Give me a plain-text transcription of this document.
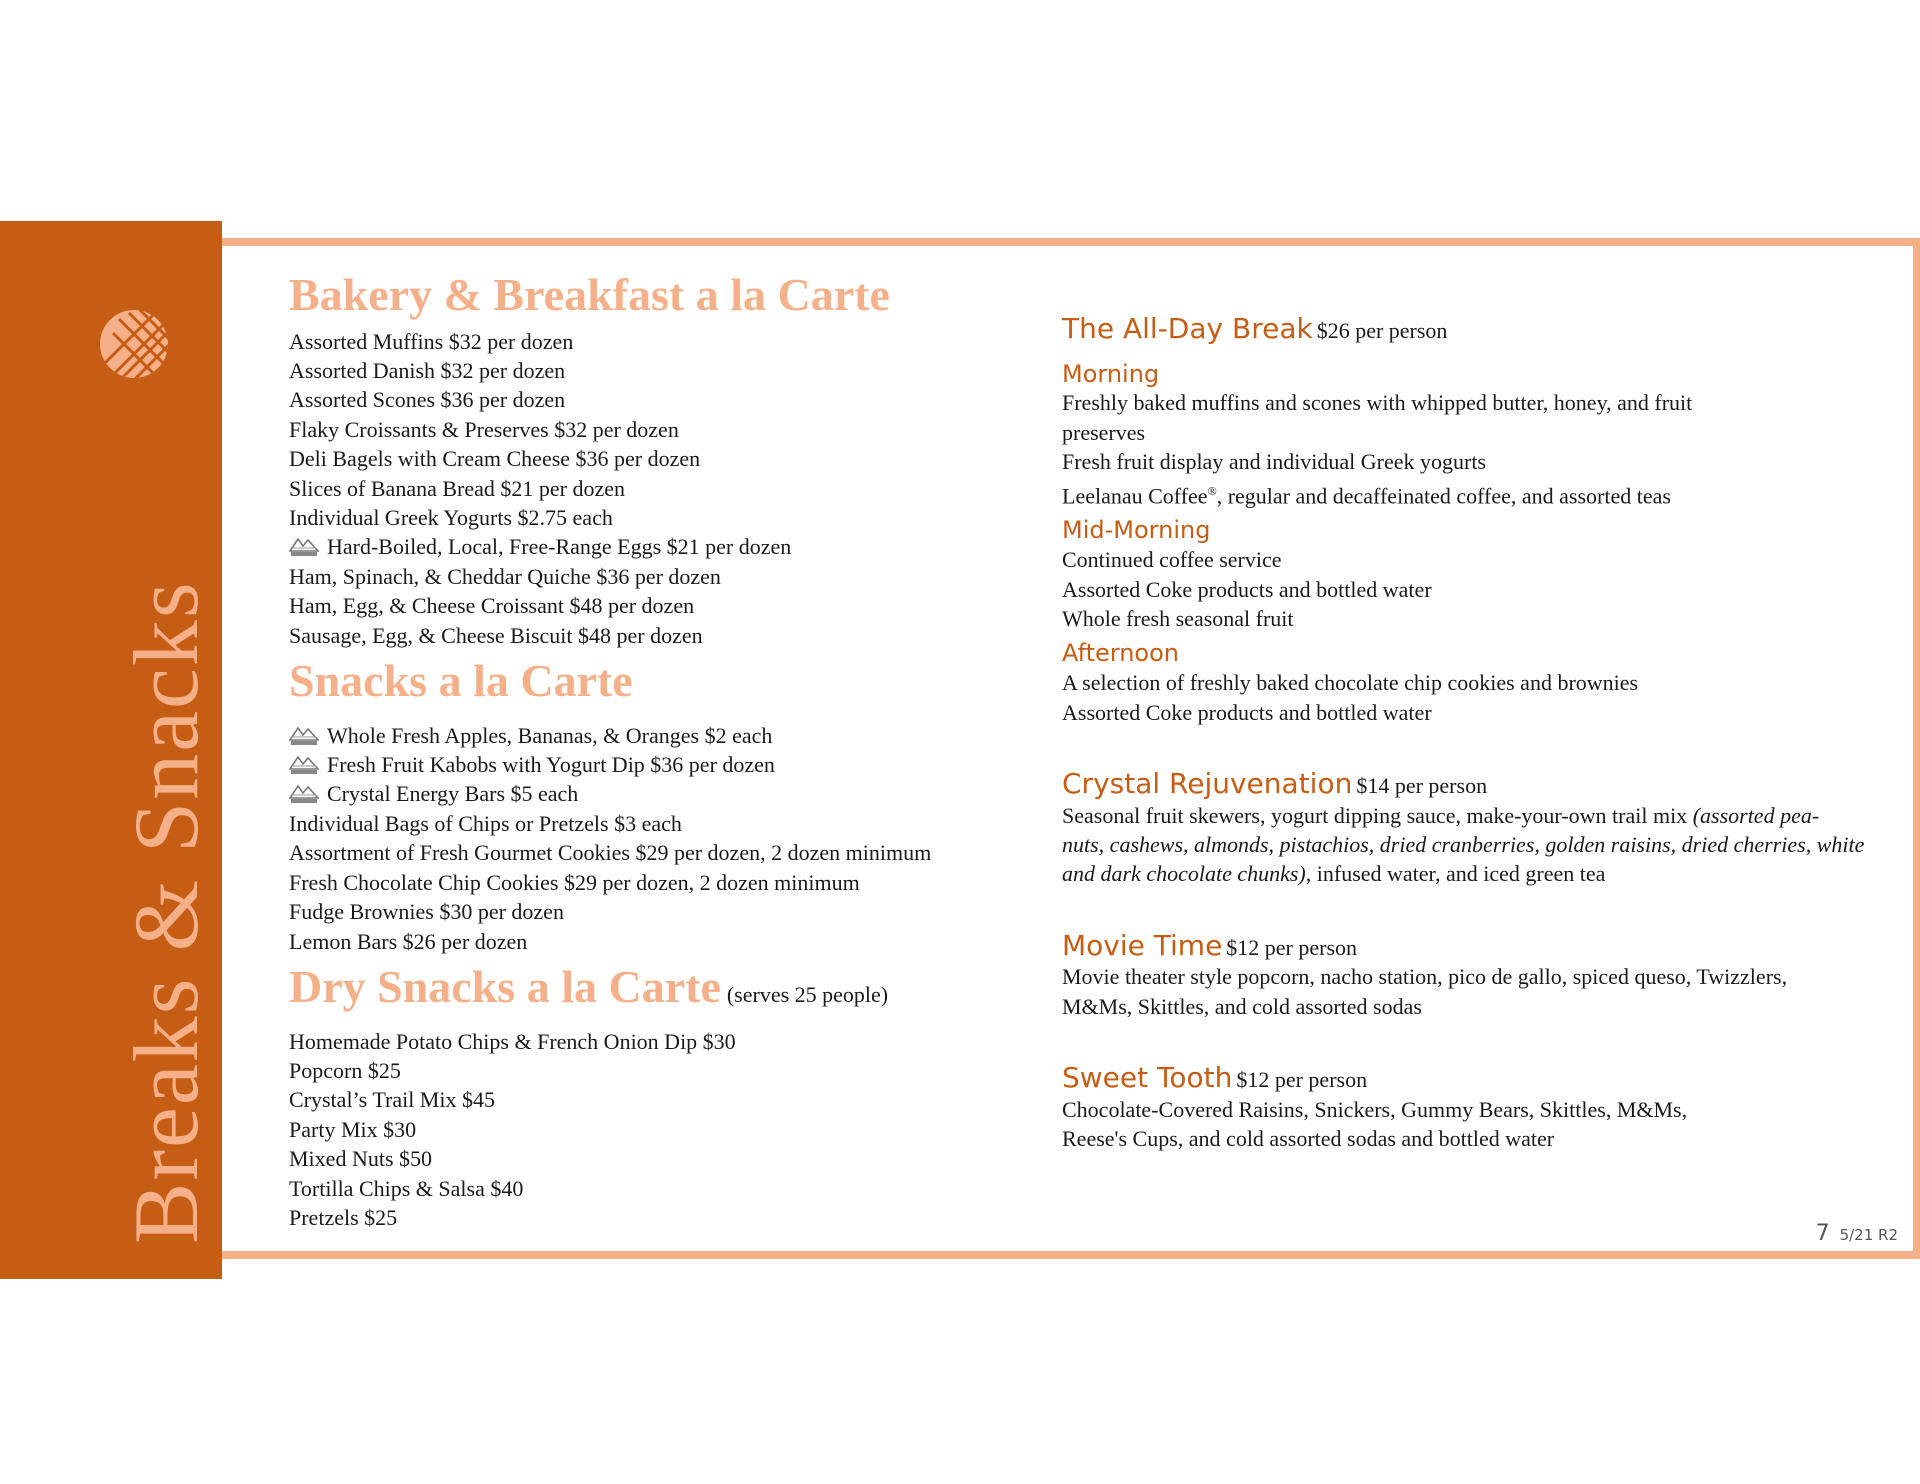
Breaks & Snacks
Bakery & Breakfast a la Carte
Assorted Muffins $32 per dozen
Assorted Danish $32 per dozen
Assorted Scones $36 per dozen
Flaky Croissants & Preserves $32 per dozen
Deli Bagels with Cream Cheese $36 per dozen
Slices of Banana Bread $21 per dozen
Individual Greek Yogurts $2.75 each
Hard-Boiled, Local, Free-Range Eggs $21 per dozen
Ham, Spinach, & Cheddar Quiche $36 per dozen
Ham, Egg, & Cheese Croissant $48 per dozen
Sausage, Egg, & Cheese Biscuit $48 per dozen
Snacks a la Carte
Whole Fresh Apples, Bananas, & Oranges $2 each
Fresh Fruit Kabobs with Yogurt Dip $36 per dozen
Crystal Energy Bars $5 each
Individual Bags of Chips or Pretzels $3 each
Assortment of Fresh Gourmet Cookies $29 per dozen, 2 dozen minimum
Fresh Chocolate Chip Cookies $29 per dozen, 2 dozen minimum
Fudge Brownies $30 per dozen
Lemon Bars $26 per dozen
Dry Snacks a la Carte (serves 25 people)
Homemade Potato Chips & French Onion Dip $30
Popcorn $25
Crystal’s Trail Mix $45
Party Mix $30
Mixed Nuts $50
Tortilla Chips & Salsa $40
Pretzels $25
The All-Day Break $26 per person
Morning
Freshly baked muffins and scones with whipped butter, honey, and fruit
preserves
Fresh fruit display and individual Greek yogurts
Leelanau Coffee®, regular and decaffeinated coffee, and assorted teas
Mid-Morning
Continued coffee service
Assorted Coke products and bottled water
Whole fresh seasonal fruit
Afternoon
A selection of freshly baked chocolate chip cookies and brownies
Assorted Coke products and bottled water
Crystal Rejuvenation $14 per person
Seasonal fruit skewers, yogurt dipping sauce, make-your-own trail mix (assorted pea-
nuts, cashews, almonds, pistachios, dried cranberries, golden raisins, dried cherries, white
and dark chocolate chunks), infused water, and iced green tea
Movie Time $12 per person
Movie theater style popcorn, nacho station, pico de gallo, spiced queso, Twizzlers,
M&Ms, Skittles, and cold assorted sodas
Sweet Tooth $12 per person
Chocolate-Covered Raisins, Snickers, Gummy Bears, Skittles, M&Ms,
Reese's Cups, and cold assorted sodas and bottled water
7 5/21 R2
